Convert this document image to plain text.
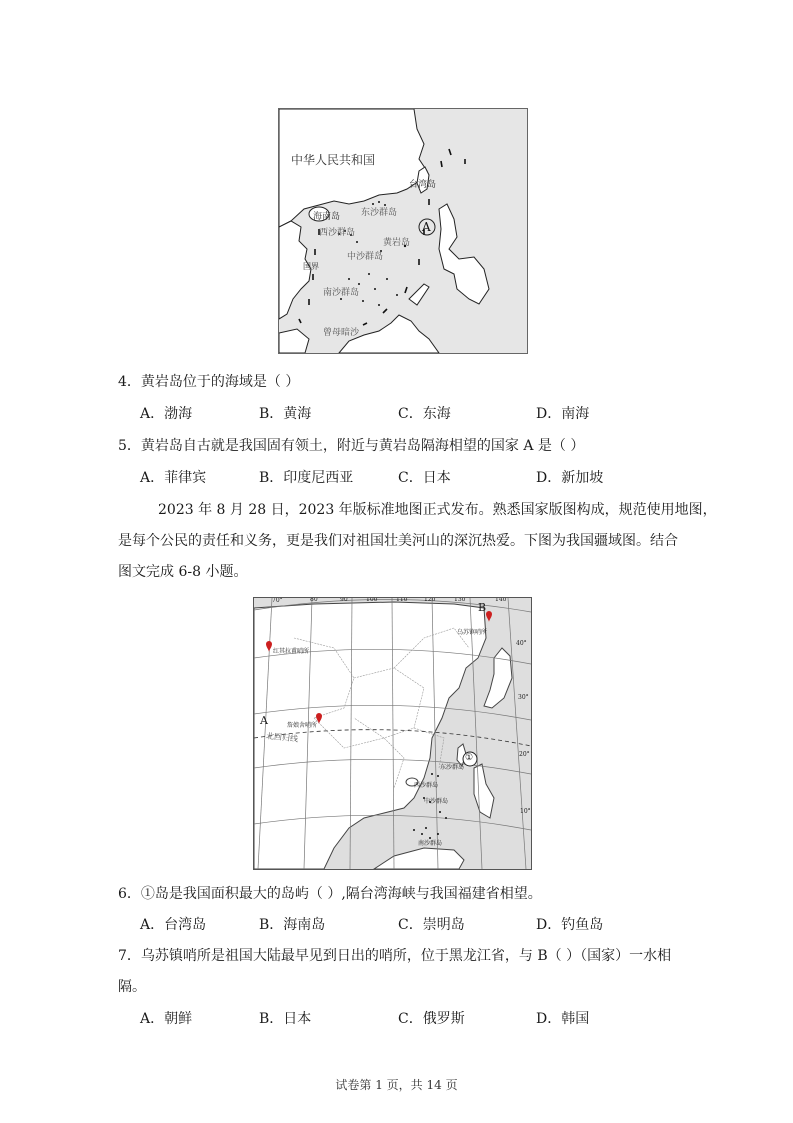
中华人民共和国
台湾岛
海南岛 东沙群岛
西沙群岛
黄岩岛
中沙群岛
南沙群岛
曾母暗沙
A
国界
4．黄岩岛位于的海域是（ ）
A．渤海	B．黄海	C．东海	D．南海
5．黄岩岛自古就是我国固有领土，附近与黄岩岛隔海相望的国家 A 是（ ）
A．菲律宾	B．印度尼西亚	C．日本	D．新加坡
2023 年 8 月 28 日，2023 年版标准地图正式发布。熟悉国家版图构成，规范使用地图，
是每个公民的责任和义务，更是我们对祖国壮美河山的深沉热爱。下图为我国疆域图。结合
图文完成 6-8 小题。
70°	80°	90°	100°	110° 120°	130°	140°
40°
30°
20°
10°
B
乌苏镇哨所
红其拉甫哨所
A	詹娘舍哨所
北回归线
①
东沙群岛
西沙群岛
中沙群岛
南沙群岛
6．①岛是我国面积最大的岛屿（ ）,隔台湾海峡与我国福建省相望。
A．台湾岛	B．海南岛	C．崇明岛	D．钓鱼岛
7．乌苏镇哨所是祖国大陆最早见到日出的哨所，位于黑龙江省，与 B（ ）（国家）一水相
隔。
A．朝鲜	B．日本	C．俄罗斯	D．韩国
试卷第 1 页，共 14 页
